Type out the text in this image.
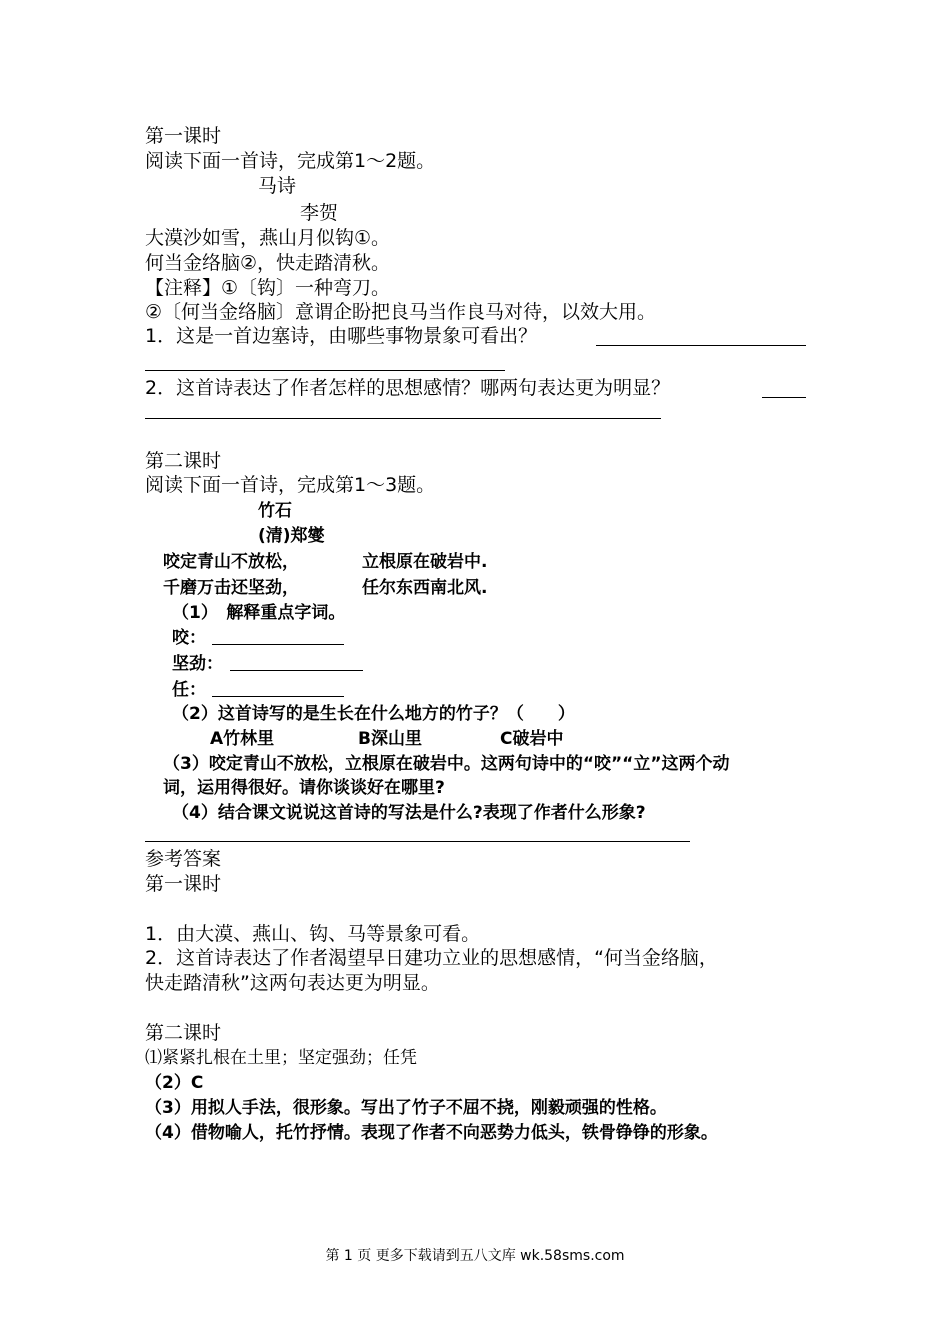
第一课时
阅读下面一首诗，完成第1～2题。
马诗
李贺
大漠沙如雪，燕山月似钩①。
何当金络脑②，快走踏清秋。
【注释】①〔钩〕一种弯刀。
②〔何当金络脑〕意谓企盼把良马当作良马对待，以效大用。
1．这是一首边塞诗，由哪些事物景象可看出？
2．这首诗表达了作者怎样的思想感情？哪两句表达更为明显？
第二课时
阅读下面一首诗，完成第1～3题。
竹石
(清)郑燮
咬定青山不放松，	立根原在破岩中.
千磨万击还坚劲，	任尔东西南北风.
（1）　解释重点字词。
咬：
坚劲：
任：
（2）这首诗写的是生长在什么地方的竹子？（　　）
A竹林里	B深山里	C破岩中
（3）咬定青山不放松，立根原在破岩中。这两句诗中的“咬”“立”这两个动
词，运用得很好。请你谈谈好在哪里?
（4）结合课文说说这首诗的写法是什么?表现了作者什么形象?
参考答案
第一课时
1．由大漠、燕山、钩、马等景象可看。
2．这首诗表达了作者渴望早日建功立业的思想感情，“何当金络脑，
快走踏清秋”这两句表达更为明显。
第二课时
⑴紧紧扎根在土里；坚定强劲；任凭
（2）C
（3）用拟人手法，很形象。写出了竹子不屈不挠，刚毅顽强的性格。
（4）借物喻人，托竹抒情。表现了作者不向恶势力低头，铁骨铮铮的形象。
第 1 页 更多下载请到五八文库 wk.58sms.com
